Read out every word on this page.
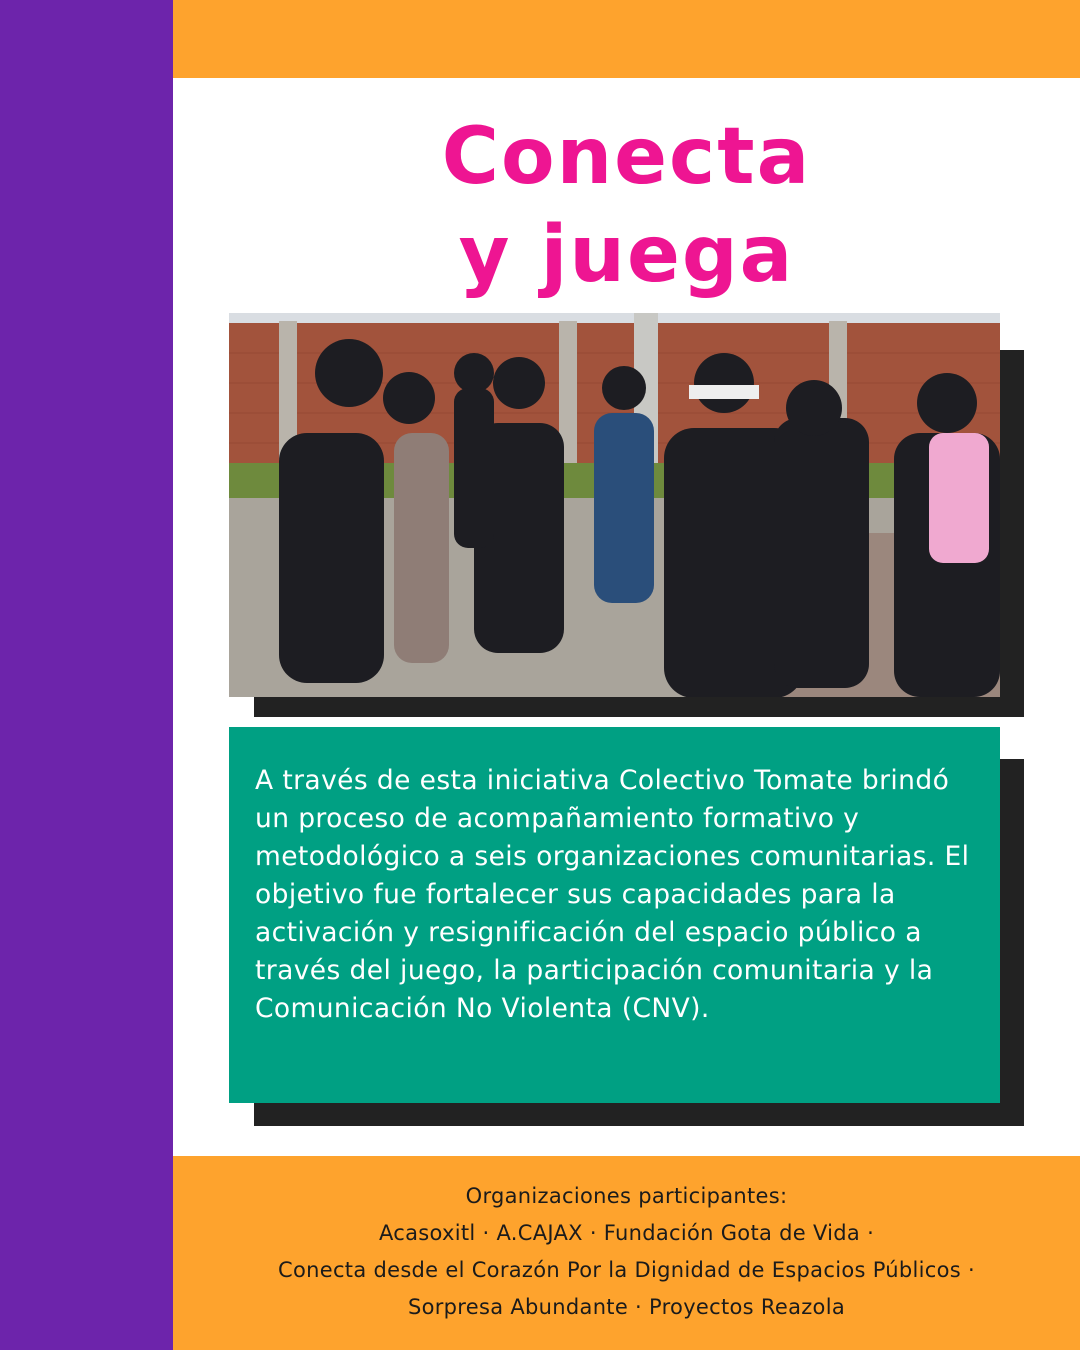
Conecta
y juega

A través de esta iniciativa Colectivo Tomate brindó un proceso de acompañamiento formativo y metodológico a seis organizaciones comunitarias. El objetivo fue fortalecer sus capacidades para la activación y resignificación del espacio público a través del juego, la participación comunitaria y la Comunicación No Violenta (CNV).

Organizaciones participantes:
Acasoxitl · A.CAJAX · Fundación Gota de Vida ·
Conecta desde el Corazón Por la Dignidad de Espacios Públicos ·
Sorpresa Abundante · Proyectos Reazola
